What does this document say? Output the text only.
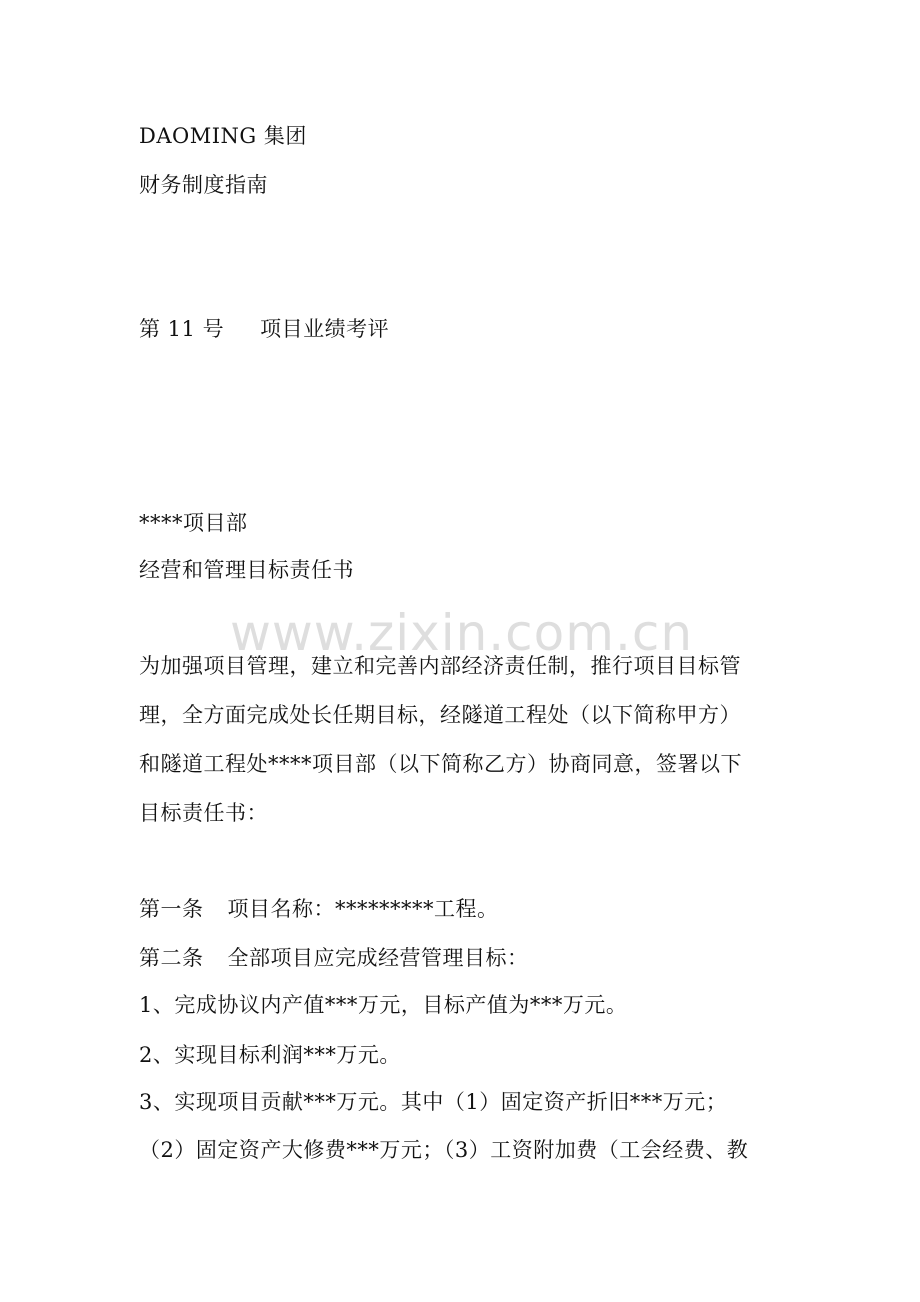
DAOMING 集团
财务制度指南
第 11 号 项目业绩考评
****项目部
经营和管理目标责任书
www.zixin.com.cn
为加强项目管理，建立和完善内部经济责任制，推行项目目标管
理，全方面完成处长任期目标，经隧道工程处（以下简称甲方）
和隧道工程处****项目部（以下简称乙方）协商同意，签署以下
目标责任书：
第一条 项目名称：*********工程。
第二条 全部项目应完成经营管理目标：
1、完成协议内产值***万元，目标产值为***万元。
2、实现目标利润***万元。
3、实现项目贡献***万元。其中（1）固定资产折旧***万元；
（2）固定资产大修费***万元；（3）工资附加费（工会经费、教
